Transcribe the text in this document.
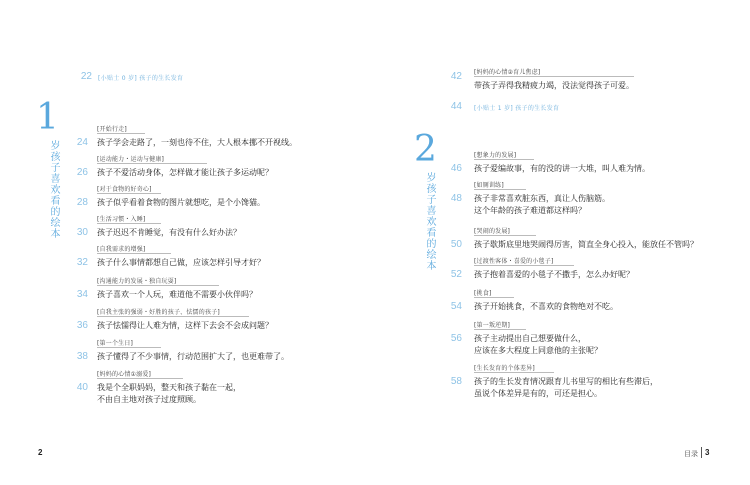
22 [小贴士 0 岁] 孩子的生长发育
1
岁孩子喜欢看的绘本
[开始行走]
24 孩子学会走路了，一刻也待不住，大人根本挪不开视线。
[运动能力・运动与健康]
26 孩子不爱活动身体，怎样做才能让孩子多运动呢？
[对于食物的好奇心]
28 孩子似乎看着食物的图片就想吃，是个小馋猫。
[生活习惯・入睡]
30 孩子迟迟不肯睡觉，有没有什么好办法？
[自我需求的增强]
32 孩子什么事情都想自己做，应该怎样引导才好？
[沟通能力的发展・独自玩耍]
34 孩子喜欢一个人玩，难道他不需要小伙伴吗？
[自我主张的强弱・好胜的孩子、怯懦的孩子]
36 孩子怯懦得让人难为情，这样下去会不会成问题？
[第一个生日]
38 孩子懂得了不少事情，行动范围扩大了，也更难带了。
[妈妈的心情①溺爱]
40 我是个全职妈妈，整天和孩子黏在一起，
不由自主地对孩子过度照顾。
2
42 [妈妈的心情②育儿焦虑]
带孩子弄得我精疲力竭，没法觉得孩子可爱。
44 [小贴士 1 岁] 孩子的生长发育
2
岁孩子喜欢看的绘本
[想象力的发展]
46 孩子爱编故事，有的没的讲一大堆，叫人难为情。
[如厕训练]
48 孩子非常喜欢脏东西，真让人伤脑筋。
这个年龄的孩子难道都这样吗？
[哭闹的发展]
50 孩子歇斯底里地哭闹得厉害，简直全身心投入，能放任不管吗？
[过渡性客体・喜爱的小毯子]
52 孩子抱着喜爱的小毯子不撒手，怎么办好呢？
[挑食]
54 孩子开始挑食，不喜欢的食物绝对不吃。
[第一叛逆期]
56 孩子主动提出自己想要做什么，
应该在多大程度上同意他的主张呢？
[生长发育的个体差异]
58 孩子的生长发育情况跟育儿书里写的相比有些滞后，
虽说个体差异是有的，可还是担心。
目录 3
